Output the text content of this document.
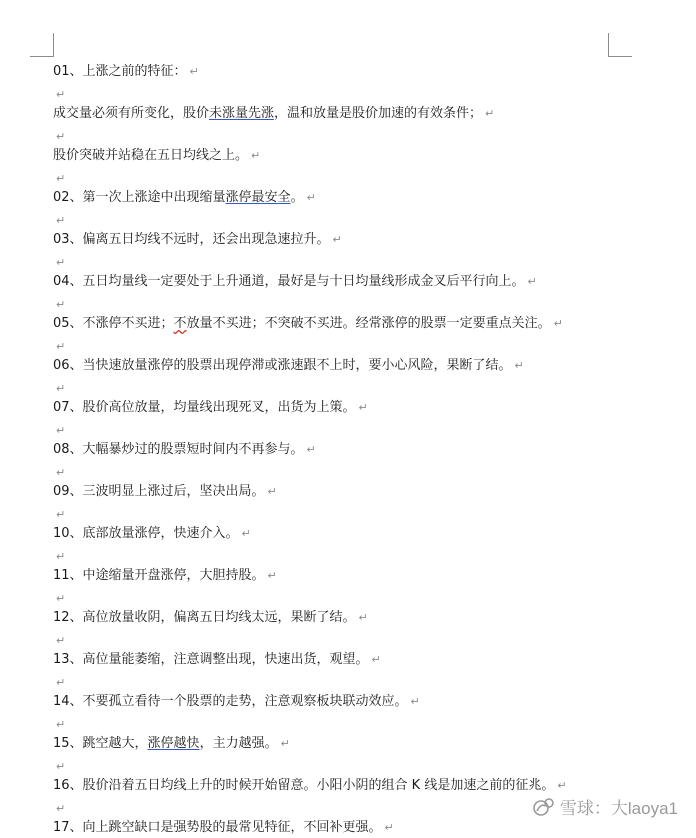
01、上涨之前的特征： ↵
↵
成交量必须有所变化，股价未涨量先涨，温和放量是股价加速的有效条件； ↵
↵
股价突破并站稳在五日均线之上。 ↵
↵
02、第一次上涨途中出现缩量涨停最安全。 ↵
↵
03、偏离五日均线不远时，还会出现急速拉升。 ↵
↵
04、五日均量线一定要处于上升通道，最好是与十日均量线形成金叉后平行向上。 ↵
↵
05、不涨停不买进；不放量不买进；不突破不买进。经常涨停的股票一定要重点关注。 ↵
↵
06、当快速放量涨停的股票出现停滞或涨速跟不上时，要小心风险，果断了结。 ↵
↵
07、股价高位放量，均量线出现死叉，出货为上策。 ↵
↵
08、大幅暴炒过的股票短时间内不再参与。 ↵
↵
09、三波明显上涨过后，坚决出局。 ↵
↵
10、底部放量涨停，快速介入。 ↵
↵
11、中途缩量开盘涨停，大胆持股。 ↵
↵
12、高位放量收阴，偏离五日均线太远，果断了结。 ↵
↵
13、高位量能萎缩，注意调整出现，快速出货，观望。 ↵
↵
14、不要孤立看待一个股票的走势，注意观察板块联动效应。 ↵
↵
15、跳空越大，涨停越快，主力越强。 ↵
↵
16、股价沿着五日均线上升的时候开始留意。小阳小阴的组合 K 线是加速之前的征兆。 ↵
↵
17、向上跳空缺口是强势股的最常见特征，不回补更强。 ↵
雪球：大laoya1
